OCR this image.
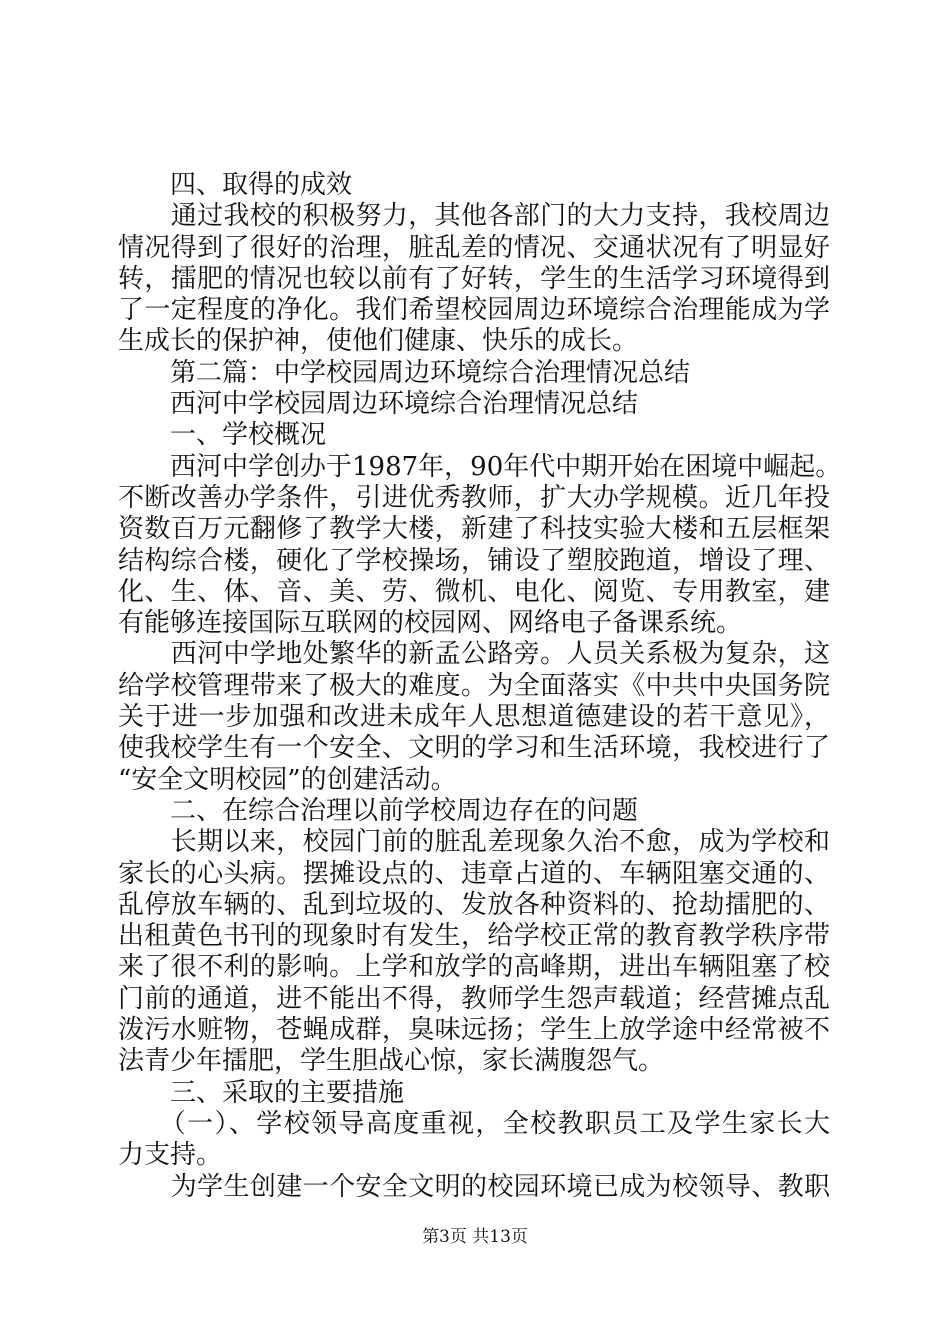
　　四、取得的成效
　　通过我校的积极努力，其他各部门的大力支持，我校周边
情况得到了很好的治理，脏乱差的情况、交通状况有了明显好
转，擂肥的情况也较以前有了好转，学生的生活学习环境得到
了一定程度的净化。我们希望校园周边环境综合治理能成为学
生成长的保护神，使他们健康、快乐的成长。
　　第二篇：中学校园周边环境综合治理情况总结
　　西河中学校园周边环境综合治理情况总结
　　一、学校概况
　　西河中学创办于1987年，90年代中期开始在困境中崛起。
不断改善办学条件，引进优秀教师，扩大办学规模。近几年投
资数百万元翻修了教学大楼，新建了科技实验大楼和五层框架
结构综合楼，硬化了学校操场，铺设了塑胶跑道，增设了理、
化、生、体、音、美、劳、微机、电化、阅览、专用教室，建
有能够连接国际互联网的校园网、网络电子备课系统。
　　西河中学地处繁华的新孟公路旁。人员关系极为复杂，这
给学校管理带来了极大的难度。为全面落实《中共中央国务院
关于进一步加强和改进未成年人思想道德建设的若干意见》，
使我校学生有一个安全、文明的学习和生活环境，我校进行了
“安全文明校园”的创建活动。
　　二、在综合治理以前学校周边存在的问题
　　长期以来，校园门前的脏乱差现象久治不愈，成为学校和
家长的心头病。摆摊设点的、违章占道的、车辆阻塞交通的、
乱停放车辆的、乱到垃圾的、发放各种资料的、抢劫擂肥的、
出租黄色书刊的现象时有发生，给学校正常的教育教学秩序带
来了很不利的影响。上学和放学的高峰期，进出车辆阻塞了校
门前的通道，进不能出不得，教师学生怨声载道；经营摊点乱
泼污水赃物，苍蝇成群，臭味远扬；学生上放学途中经常被不
法青少年擂肥，学生胆战心惊，家长满腹怨气。
　　三、采取的主要措施
　　（一）、学校领导高度重视，全校教职员工及学生家长大
力支持。
　　为学生创建一个安全文明的校园环境已成为校领导、教职
第3页 共13页
